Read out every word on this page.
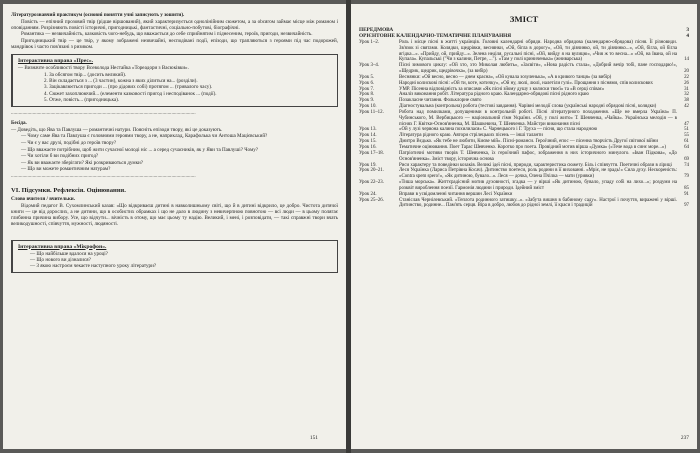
Літературознавчий практикум (основні поняття учні записують у зошити).

Повість — епічний прозовий твір (рідше віршований), який характеризується однолінійним сюжетом, а за obсягом займає місце між романом і оповіданням. Розрізняють повісті історичні, пригодницькі, фантастичні, соціально-побутові, біографічні.

Романтика — незвичайність, казковість чого-небудь, що вважається до себе сприйнятим і піднесеним, героїв, пригоди, незвичайність.

Пригодницький твір — це твір, у якому зображені незвичайні, несподівані події, епізоди, що трапляються з героями під час подорожей, мандрівок і часто пов'язані з ризиком.

Інтерактивна вправа «Прес».

— Визначте особливості твору Всеволода Нестайка «Тореадори з Васюківки».

1. За обсягом твір... (досить великий).

2. Він складається з ... (3 частин), кожна з яких ділиться на... (розділи).

3. Зацікавлюється пригоди ... (про дідових собі) протягом ... (тривалого часу).

4. Сюжет захоплюючий... (елементи казковості пригод і несподіванок ... (події).

5. Отже, повість... (пригодницька).

.................................................................................................................................................

Бесіда.

— Доведіть, що Ява та Павлуша — романтичні натури. Поясніть епізоди твору, які це доказують.

— Чому саме Ява та Павлуша є головними героями твору, а не, наприклад, Карафолька чи Антоша Мацієвський?

— Чи є у вас друзі, подібні до героїв твору?

— Що вважаєте потрібним, щоб жити сучасної молоді ніс ... а серед сучасників, як у Яви та Павлуші? Чому?

— Чи хотіли б ви подібних пригод?

— Як ви вважаєте зберігати? Які розкриваються думки?

— Що ви можете романтичним натурам?

.................................................................................................................................................

VI. Підсумки. Рефлексія. Оцінювання.

Слово вчителя / вчительки.

Відомий педагог В. Сухомлинський казав: «Що відкриваєш дитині в навколишньому світі, що й в дитині відкрило, це добро. Чистота дитячої книги — це від дорослих, а не дитини, що в особистих обрамках і що не дало в людину з невичерпною повнотою — всі люди — в цьому полягає глибинна причина вибору. Усе, що відчути... вічність в отому, що має цьому ту надію. Великий, і мені, і розповідати, — такі справжні твори вчать великодушності, співчуття, мужності, людяності.

Інтерактивна вправа «Мікрофон».

— Що найбільше вдалося на уроці?

— Що нового ви дізналися?

— З якою настроєм чекаєте наступного уроку літератури?

151
ЗМІСТ
ПЕРЕДМОВА	3
ОРІЄНТОВНЕ КАЛЕНДАРНО-ТЕМАТИЧНЕ ПЛАНУВАННЯ	4
Урок 1–2.	Роль і місце пісні в житті українців. Головні календарні обряди. Народна обрядова (календарно-обрядова) пісня. Її різновиди. Зв'язок зі святами. Колядки, щедрівки, веснянки, «Ой, бігла в дорогу», «Ой, ти дівчинко, ой, ти дівчинко...», «Ой, бігла, ой бігла ягідка...». «Прийду, ой, прийду...». Зелена неділя, русальні пісні, «Ой, вийду я на вулицю», «Чия ж то весна...» «Ой, на Івана, ой на Купала». Купальські ("Чи з калини, Петре, ..."). «Там у полі криниченька» (жниварська)	14
Урок 3–4.	Пісні зимового циклу: «Ой хто, хто Миколая любить», «Засвіти», «Нова радість стала», «Добрий вечір тобі, пане господарю!», «Щедрик, щедрик, щедрівочка», (за вибір)	20
Урок 5.	Веснянки: «Ой весно, весно — днем красна», «Ой кувала зозуленька», «А в кривого танця» (за вибір)	22
Урок 6.	Народні колискові пісні: «Ой ти, коте, котичку», «Ой ну, люлі, люлі, налетіли гулі». Прощання з піснями, спів колискових	26
Урок 7.	УМР. Пісенна відповідність за описами «Як пісні зйому душу з колиски твоєї» та «В серці співає»	31
Урок 8.	Аналіз виконання робіт. Література рідного краю. Календарно-обрядові пісні рідного краю	32
Урок 9.	Позакласне читання. Фольклорне свято	38
Урок 10.	Діагностувальна (контрольна) робота (тестові завдання). Чарівні мелодії слова (українські народні обрядові пісні, колядки)	42
Урок 11–12.	Робота над помилками, допущеними в контрольній роботі. Пісні літературного походження. «Ще не вмерла Україна» П. Чубинського, М. Вербицького — національний гімн України. «Ой, у полі жито» Т. Шевченка, «Чайка». Українська мелодія — в піснях Г. Квітки-Основ'яненка, М. Шашкевича, Т. Шевченка. Майстри виконання пісні	47
Урок 13.	«Ой у лузі червона калина похилилася» С. Чарнецького і Г. Труха — пісня, що стала народною	51
Урок 14.	Література рідного краю. Автори стрілецьких пісень — інші таланти	55
Урок 15.	Дмитро Вєдько. «Як тебе не любити, Києве мій». Пісні-романси. Героїчний, епос — пісенна творчість Другої світової війни	61
Урок 16.	Тематичне оцінювання. Поет Тарас Шевченко. Коротко про поета. Провідний мотив вірша «Думка» («Тече вода в синє море...»)	64
Урок 17–18.	Патріотичні мотиви творів Т. Шевченка, їх героїчний пафос, зображення в них історичного минулого. «Іван Підкова», «До Основ'яненка». Зміст твору, історична основа	69
Урок 19.	Риси характеру та поведінки козаків. Великі ідеї пісні, природи, характеристика сюжету. Біль і співчуття. Поетичні образи в ліриці	74
Урок 20–21.	Леся Українка (Лариса Петрівна Косач). Дитинство поетеси, роль родини в її вихованні. «Мріє, не зрадь!» Сила духу. Нескореність: «Contra spem spero!», «Як дитиною, бувало...». Леся — дочка, Олена Пчілка — мати (уривки)	79
Урок 22–23.	«Тиша морська». Життєрадісний мотив духовності, згадка — у вірші «Як дитиною, бувало, упаду собі на лихо...»; роздуми на розквіт вироблення поезії. Гармонія людини і природи. Ідейний зміст	85
Урок 24.	Вправи в усвідомленні читання вершин Лесі Українки	91
Урок 25–26.	Станіслав Чернілевський. «Теплота родинного затишку...». «Забута вишня в бабиному саду». Настрої і почуття, виражені у вірші. Дитинство, родинне... Пам'ять серця. Віра в добро, любов до рідної землі, її краси і традицій	97
237
